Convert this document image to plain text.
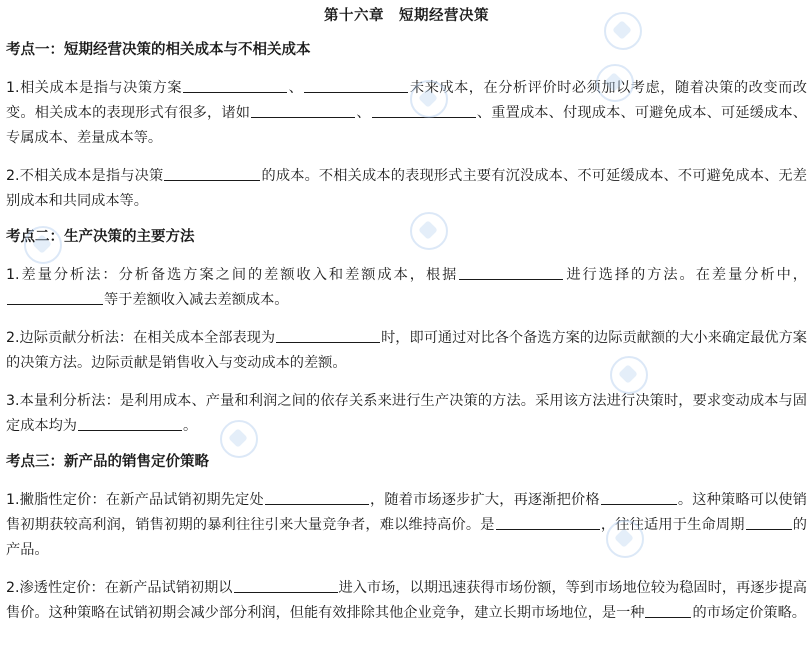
第十六章　短期经营决策
考点一：短期经营决策的相关成本与不相关成本
1.相关成本是指与决策方案	、	未来成本，在分析评价时必须加以考虑，随着决策的改变而改变。相关成本的表现形式有很多，诸如	、	、重置成本、付现成本、可避免成本、可延缓成本、专属成本、差量成本等。
2.不相关成本是指与决策	的成本。不相关成本的表现形式主要有沉没成本、不可延缓成本、不可避免成本、无差别成本和共同成本等。
考点二：生产决策的主要方法
1.差量分析法：分析备选方案之间的差额收入和差额成本，根据	进行选择的方法。在差量分析中，等于差额收入减去差额成本。
2.边际贡献分析法：在相关成本全部表现为	时，即可通过对比各个备选方案的边际贡献额的大小来确定最优方案的决策方法。边际贡献是销售收入与变动成本的差额。
3.本量利分析法：是利用成本、产量和利润之间的依存关系来进行生产决策的方法。采用该方法进行决策时，要求变动成本与固定成本均为	。
考点三：新产品的销售定价策略
1.撇脂性定价：在新产品试销初期先定处	，随着市场逐步扩大，再逐渐把价格	。这种策略可以使销售初期获较高利润，销售初期的暴利往往引来大量竞争者，难以维持高价。是	，往往适用于生命周期	的产品。
2.渗透性定价：在新产品试销初期以	进入市场，以期迅速获得市场份额，等到市场地位较为稳固时，再逐步提高售价。这种策略在试销初期会减少部分利润，但能有效排除其他企业竞争，建立长期市场地位，是一种	的市场定价策略。
